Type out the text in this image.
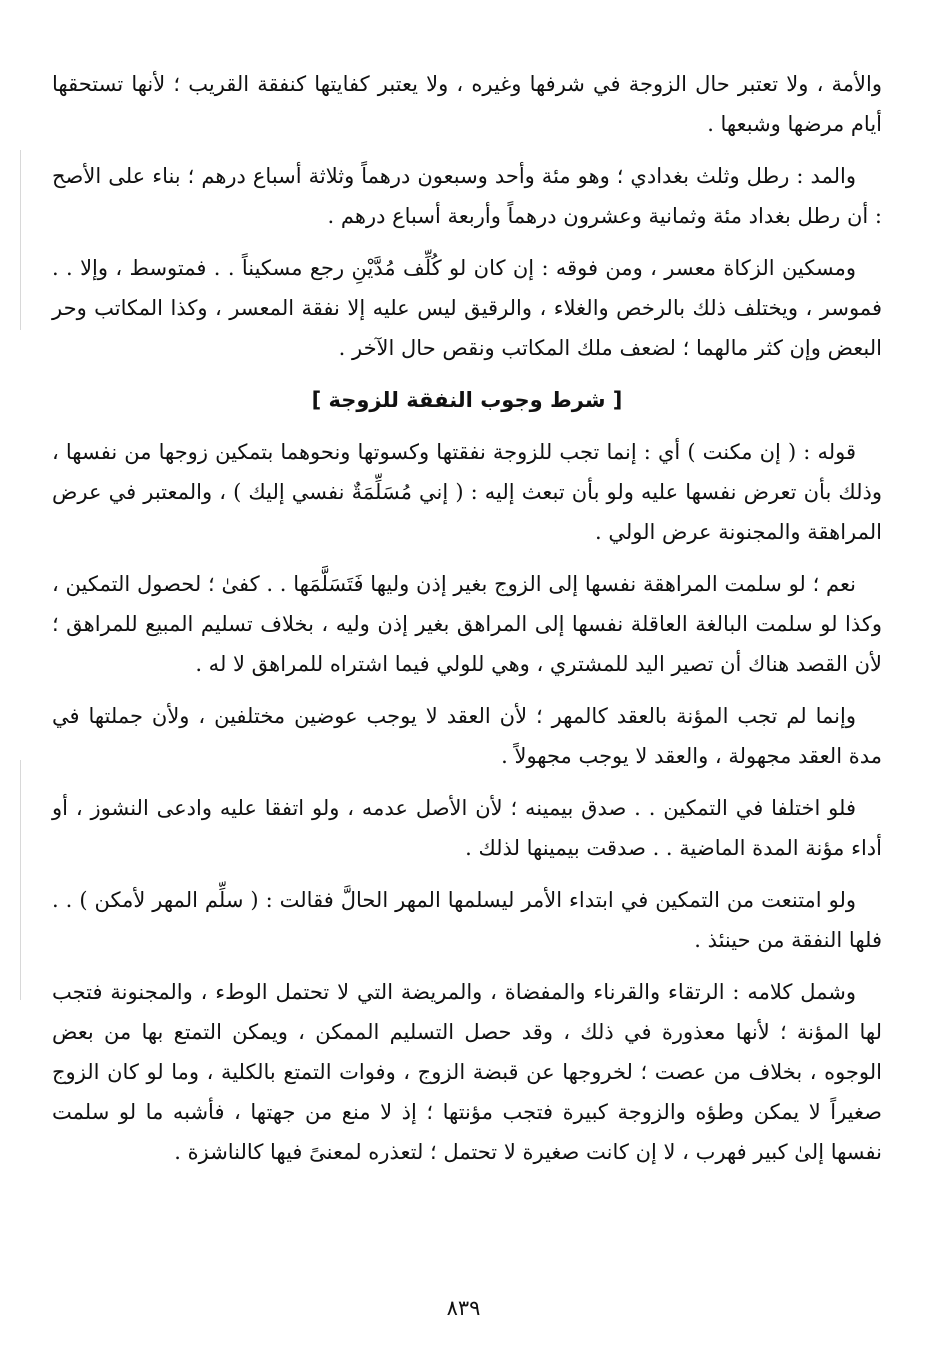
والأمة ، ولا تعتبر حال الزوجة في شرفها وغيره ، ولا يعتبر كفايتها كنفقة القريب ؛ لأنها تستحقها أيام مرضها وشبعها .

والمد : رطل وثلث بغدادي ؛ وهو مئة وأحد وسبعون درهماً وثلاثة أسباع درهم ؛ بناء على الأصح : أن رطل بغداد مئة وثمانية وعشرون درهماً وأربعة أسباع درهم .

ومسكين الزكاة معسر ، ومن فوقه : إن كان لو كُلِّف مُدَّيْنِ رجع مسكيناً . . فمتوسط ، وإلا . . فموسر ، ويختلف ذلك بالرخص والغلاء ، والرقيق ليس عليه إلا نفقة المعسر ، وكذا المكاتب وحر البعض وإن كثر مالهما ؛ لضعف ملك المكاتب ونقص حال الآخر .

[ شرط وجوب النفقة للزوجة ]

قوله : ( إن مكنت ) أي : إنما تجب للزوجة نفقتها وكسوتها ونحوهما بتمكين زوجها من نفسها ، وذلك بأن تعرض نفسها عليه ولو بأن تبعث إليه : ( إني مُسَلِّمَةٌ نفسي إليك ) ، والمعتبر في عرض المراهقة والمجنونة عرض الولي .

نعم ؛ لو سلمت المراهقة نفسها إلى الزوج بغير إذن وليها فَتَسَلَّمَها . . كفىٰ ؛ لحصول التمكين ، وكذا لو سلمت البالغة العاقلة نفسها إلى المراهق بغير إذن وليه ، بخلاف تسليم المبيع للمراهق ؛ لأن القصد هناك أن تصير اليد للمشتري ، وهي للولي فيما اشتراه للمراهق لا له .

وإنما لم تجب المؤنة بالعقد كالمهر ؛ لأن العقد لا يوجب عوضين مختلفين ، ولأن جملتها في مدة العقد مجهولة ، والعقد لا يوجب مجهولاً .

فلو اختلفا في التمكين . . صدق بيمينه ؛ لأن الأصل عدمه ، ولو اتفقا عليه وادعى النشوز ، أو أداء مؤنة المدة الماضية . . صدقت بيمينها لذلك .

ولو امتنعت من التمكين في ابتداء الأمر ليسلمها المهر الحالَّ فقالت : ( سلِّم المهر لأمكن ) . . فلها النفقة من حينئذ .

وشمل كلامه : الرتقاء والقرناء والمفضاة ، والمريضة التي لا تحتمل الوطء ، والمجنونة فتجب لها المؤنة ؛ لأنها معذورة في ذلك ، وقد حصل التسليم الممكن ، ويمكن التمتع بها من بعض الوجوه ، بخلاف من عصت ؛ لخروجها عن قبضة الزوج ، وفوات التمتع بالكلية ، وما لو كان الزوج صغيراً لا يمكن وطؤه والزوجة كبيرة فتجب مؤنتها ؛ إذ لا منع من جهتها ، فأشبه ما لو سلمت نفسها إلىٰ كبير فهرب ، لا إن كانت صغيرة لا تحتمل ؛ لتعذره لمعنىً فيها كالناشزة .

٨٣٩
